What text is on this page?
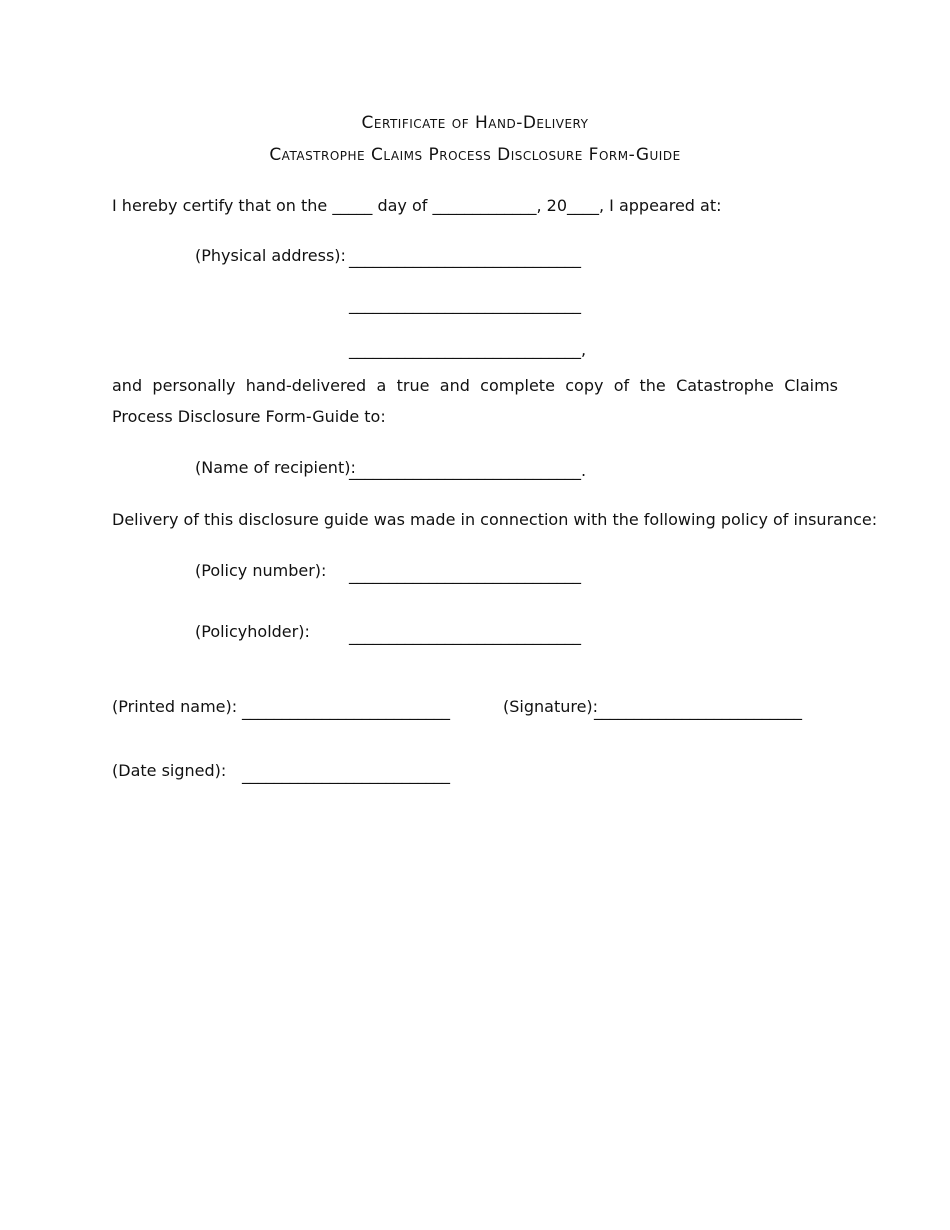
Certificate of Hand-Delivery
Catastrophe Claims Process Disclosure Form-Guide
I hereby certify that on the _____ day of _____________, 20____, I appeared at:
(Physical address): _____________________________
_____________________________
_____________________________,
and personally hand-delivered a true and complete copy of the Catastrophe Claims Process Disclosure Form-Guide to:
(Name of recipient):
_____________________________.
Delivery of this disclosure guide was made in connection with the following policy of insurance:
(Policy number): _____________________________
(Policyholder): _____________________________
(Printed name): __________________________	(Signature):
__________________________
(Date signed): __________________________
